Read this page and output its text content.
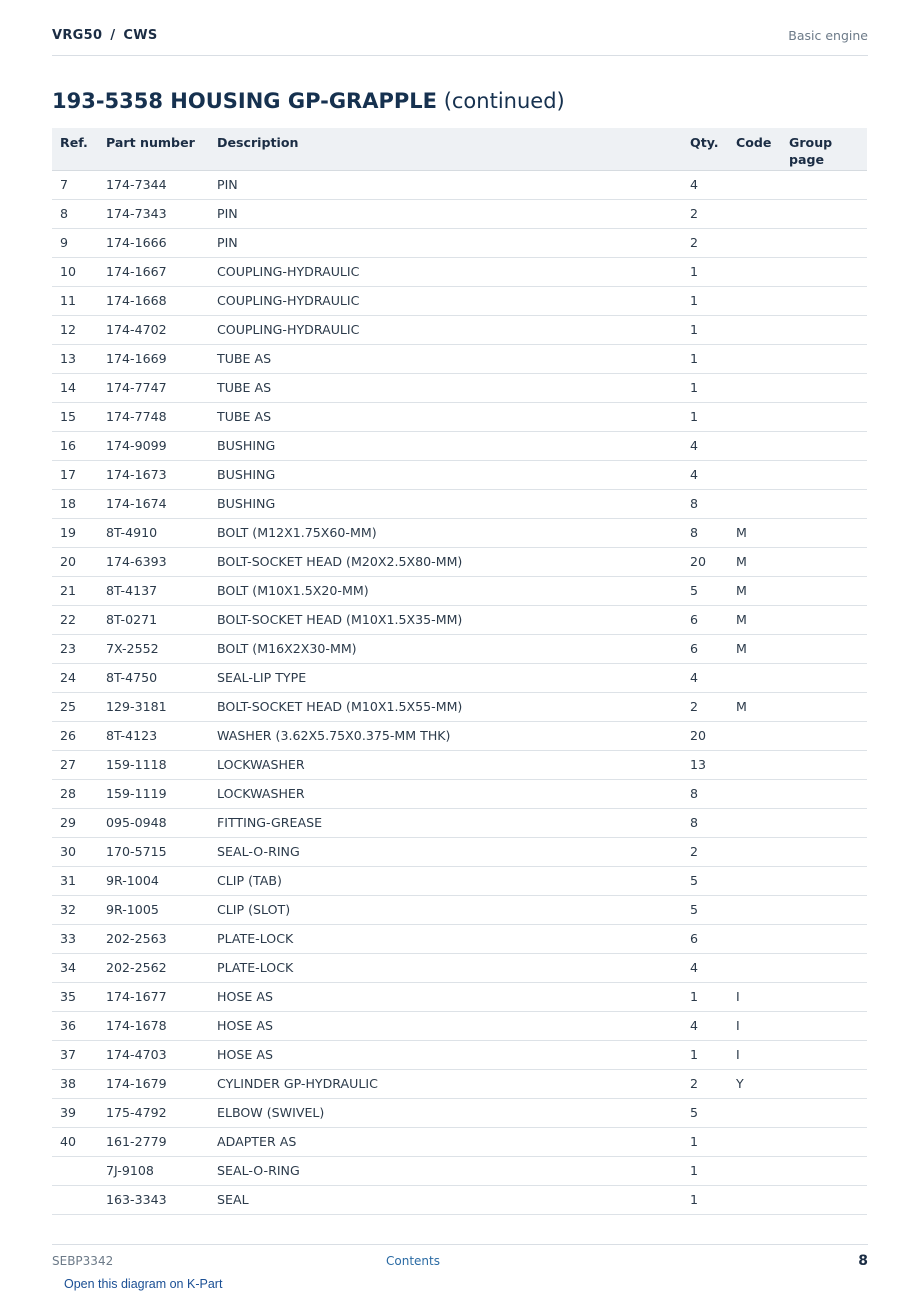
VRG50 / CWS	Basic engine
193-5358 HOUSING GP-GRAPPLE (continued)
Ref.	Part number	Description	Qty.	Code	Group page
7	174-7344	PIN	4		
8	174-7343	PIN	2		
9	174-1666	PIN	2		
10	174-1667	COUPLING-HYDRAULIC	1		
11	174-1668	COUPLING-HYDRAULIC	1		
12	174-4702	COUPLING-HYDRAULIC	1		
13	174-1669	TUBE AS	1		
14	174-7747	TUBE AS	1		
15	174-7748	TUBE AS	1		
16	174-9099	BUSHING	4		
17	174-1673	BUSHING	4		
18	174-1674	BUSHING	8		
19	8T-4910	BOLT (M12X1.75X60-MM)	8	M	
20	174-6393	BOLT-SOCKET HEAD (M20X2.5X80-MM)	20	M	
21	8T-4137	BOLT (M10X1.5X20-MM)	5	M	
22	8T-0271	BOLT-SOCKET HEAD (M10X1.5X35-MM)	6	M	
23	7X-2552	BOLT (M16X2X30-MM)	6	M	
24	8T-4750	SEAL-LIP TYPE	4		
25	129-3181	BOLT-SOCKET HEAD (M10X1.5X55-MM)	2	M	
26	8T-4123	WASHER (3.62X5.75X0.375-MM THK)	20		
27	159-1118	LOCKWASHER	13		
28	159-1119	LOCKWASHER	8		
29	095-0948	FITTING-GREASE	8		
30	170-5715	SEAL-O-RING	2		
31	9R-1004	CLIP (TAB)	5		
32	9R-1005	CLIP (SLOT)	5		
33	202-2563	PLATE-LOCK	6		
34	202-2562	PLATE-LOCK	4		
35	174-1677	HOSE AS	1	I	
36	174-1678	HOSE AS	4	I	
37	174-4703	HOSE AS	1	I	
38	174-1679	CYLINDER GP-HYDRAULIC	2	Y	
39	175-4792	ELBOW (SWIVEL)	5		
40	161-2779	ADAPTER AS	1		
	7J-9108	SEAL-O-RING	1		
	163-3343	SEAL	1		
SEBP3342	Contents	8
Open this diagram on K-Part
